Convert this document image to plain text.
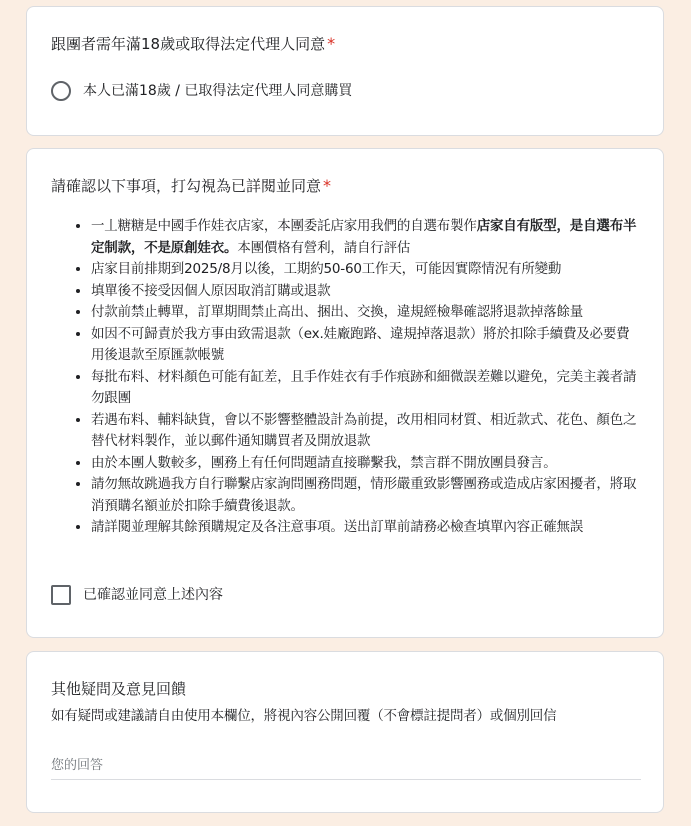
跟團者需年滿18歲或取得法定代理人同意 *
本人已滿18歲 / 已取得法定代理人同意購買
請確認以下事項，打勾視為已詳閱並同意 *
• 一丄糖糖是中國手作娃衣店家，本團委託店家用我們的自選布製作店家自有版型，是自選布半定制款，不是原創娃衣。本團價格有營利，請自行評估
• 店家目前排期到2025/8月以後，工期約50-60工作天，可能因實際情況有所變動
• 填單後不接受因個人原因取消訂購或退款
• 付款前禁止轉單，訂單期間禁止高出、捆出、交換，違規經檢舉確認將退款掉落餘量
• 如因不可歸責於我方事由致需退款（ex.娃廠跑路、違規掉落退款）將於扣除手續費及必要費用後退款至原匯款帳號
• 每批布料、材料顏色可能有缸差，且手作娃衣有手作痕跡和細微誤差難以避免，完美主義者請勿跟團
• 若遇布料、輔料缺貨，會以不影響整體設計為前提，改用相同材質、相近款式、花色、顏色之替代材料製作，並以郵件通知購買者及開放退款
• 由於本團人數較多，團務上有任何問題請直接聯繫我，禁言群不開放團員發言。
• 請勿無故跳過我方自行聯繫店家詢問團務問題，情形嚴重致影響團務或造成店家困擾者，將取消預購名額並於扣除手續費後退款。
• 請詳閱並理解其餘預購規定及各注意事項。送出訂單前請務必檢查填單內容正確無誤
已確認並同意上述內容
其他疑問及意見回饋

如有疑問或建議請自由使用本欄位，將視內容公開回覆（不會標註提問者）或個別回信

您的回答
